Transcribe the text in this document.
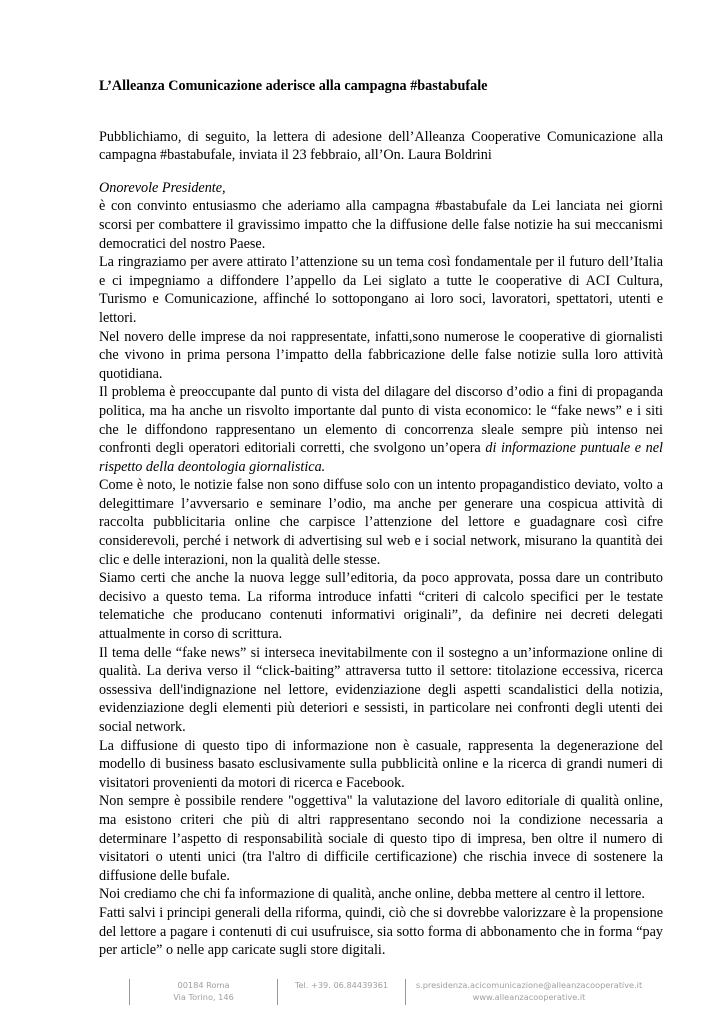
L’Alleanza Comunicazione aderisce alla campagna #bastabufale

Pubblichiamo, di seguito, la lettera di adesione dell’Alleanza Cooperative Comunicazione alla campagna #bastabufale, inviata il 23 febbraio, all’On. Laura Boldrini

Onorevole Presidente,

è con convinto entusiasmo che aderiamo alla campagna #bastabufale da Lei lanciata nei giorni scorsi per combattere il gravissimo impatto che la diffusione delle false notizie ha sui meccanismi democratici del nostro Paese.

La ringraziamo per avere attirato l’attenzione su un tema così fondamentale per il futuro dell’Italia e ci impegniamo a diffondere l’appello da Lei siglato a tutte le cooperative di ACI Cultura, Turismo e Comunicazione, affinché lo sottopongano ai loro soci, lavoratori, spettatori, utenti e lettori.

Nel novero delle imprese da noi rappresentate, infatti,sono numerose le cooperative di giornalisti che vivono in prima persona l’impatto della fabbricazione delle false notizie sulla loro attività quotidiana.

Il problema è preoccupante dal punto di vista del dilagare del discorso d’odio a fini di propaganda politica, ma ha anche un risvolto importante dal punto di vista economico: le “fake news” e i siti che le diffondono rappresentano un elemento di concorrenza sleale sempre più intenso nei confronti degli operatori editoriali corretti, che svolgono un’opera di informazione puntuale e nel rispetto della deontologia giornalistica.

Come è noto, le notizie false non sono diffuse solo con un intento propagandistico deviato, volto a delegittimare l’avversario e seminare l’odio, ma anche per generare una cospicua attività di raccolta pubblicitaria online che carpisce l’attenzione del lettore e guadagnare così cifre considerevoli, perché i network di advertising sul web e i social network, misurano la quantità dei clic e delle interazioni, non la qualità delle stesse.

Siamo certi che anche la nuova legge sull’editoria, da poco approvata, possa dare un contributo decisivo a questo tema. La riforma introduce infatti “criteri di calcolo specifici per le testate telematiche che producano contenuti informativi originali”, da definire nei decreti delegati attualmente in corso di scrittura.

Il tema delle “fake news” si interseca inevitabilmente con il sostegno a un’informazione online di qualità. La deriva verso il “click-baiting” attraversa tutto il settore: titolazione eccessiva, ricerca ossessiva dell'indignazione nel lettore, evidenziazione degli aspetti scandalistici della notizia, evidenziazione degli elementi più deteriori e sessisti, in particolare nei confronti degli utenti dei social network.

La diffusione di questo tipo di informazione non è casuale, rappresenta la degenerazione del modello di business basato esclusivamente sulla pubblicità online e la ricerca di grandi numeri di visitatori provenienti da motori di ricerca e Facebook.

Non sempre è possibile rendere "oggettiva" la valutazione del lavoro editoriale di qualità online, ma esistono criteri che più di altri rappresentano secondo noi la condizione necessaria a determinare l’aspetto di responsabilità sociale di questo tipo di impresa, ben oltre il numero di visitatori o utenti unici (tra l'altro di difficile certificazione) che rischia invece di sostenere la diffusione delle bufale.

Noi crediamo che chi fa informazione di qualità, anche online, debba mettere al centro il lettore.

Fatti salvi i principi generali della riforma, quindi, ciò che si dovrebbe valorizzare è la propensione del lettore a pagare i contenuti di cui usufruisce, sia sotto forma di abbonamento che in forma “pay per article” o nelle app caricate sugli store digitali.

00184 Roma
Via Torino, 146
Tel. +39. 06.84439361	s.presidenza.acicomunicazione@alleanzacooperative.it
www.alleanzacooperative.it
